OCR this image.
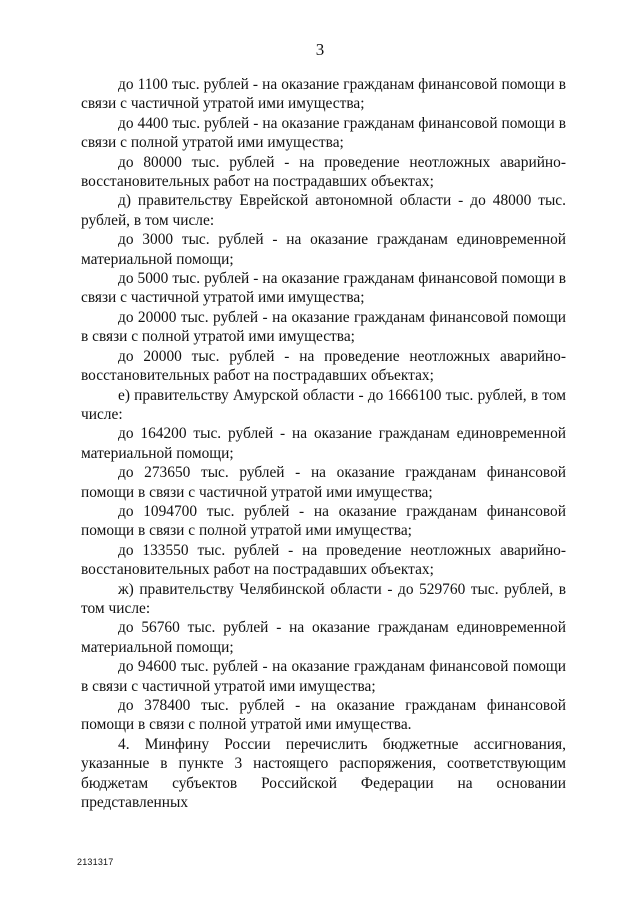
3

до 1100 тыс. рублей - на оказание гражданам финансовой помощи в связи с частичной утратой ими имущества;

до 4400 тыс. рублей - на оказание гражданам финансовой помощи в связи с полной утратой ими имущества;

до 80000 тыс. рублей - на проведение неотложных аварийно-восстановительных работ на пострадавших объектах;

д) правительству Еврейской автономной области - до 48000 тыс. рублей, в том числе:

до 3000 тыс. рублей - на оказание гражданам единовременной материальной помощи;

до 5000 тыс. рублей - на оказание гражданам финансовой помощи в связи с частичной утратой ими имущества;

до 20000 тыс. рублей - на оказание гражданам финансовой помощи в связи с полной утратой ими имущества;

до 20000 тыс. рублей - на проведение неотложных аварийно-восстановительных работ на пострадавших объектах;

е) правительству Амурской области - до 1666100 тыс. рублей, в том числе:

до 164200 тыс. рублей - на оказание гражданам единовременной материальной помощи;

до 273650 тыс. рублей - на оказание гражданам финансовой помощи в связи с частичной утратой ими имущества;

до 1094700 тыс. рублей - на оказание гражданам финансовой помощи в связи с полной утратой ими имущества;

до 133550 тыс. рублей - на проведение неотложных аварийно-восстановительных работ на пострадавших объектах;

ж) правительству Челябинской области - до 529760 тыс. рублей, в том числе:

до 56760 тыс. рублей - на оказание гражданам единовременной материальной помощи;

до 94600 тыс. рублей - на оказание гражданам финансовой помощи в связи с частичной утратой ими имущества;

до 378400 тыс. рублей - на оказание гражданам финансовой помощи в связи с полной утратой ими имущества.

4. Минфину России перечислить бюджетные ассигнования, указанные в пункте 3 настоящего распоряжения, соответствующим бюджетам субъектов Российской Федерации на основании представленных

2131317
